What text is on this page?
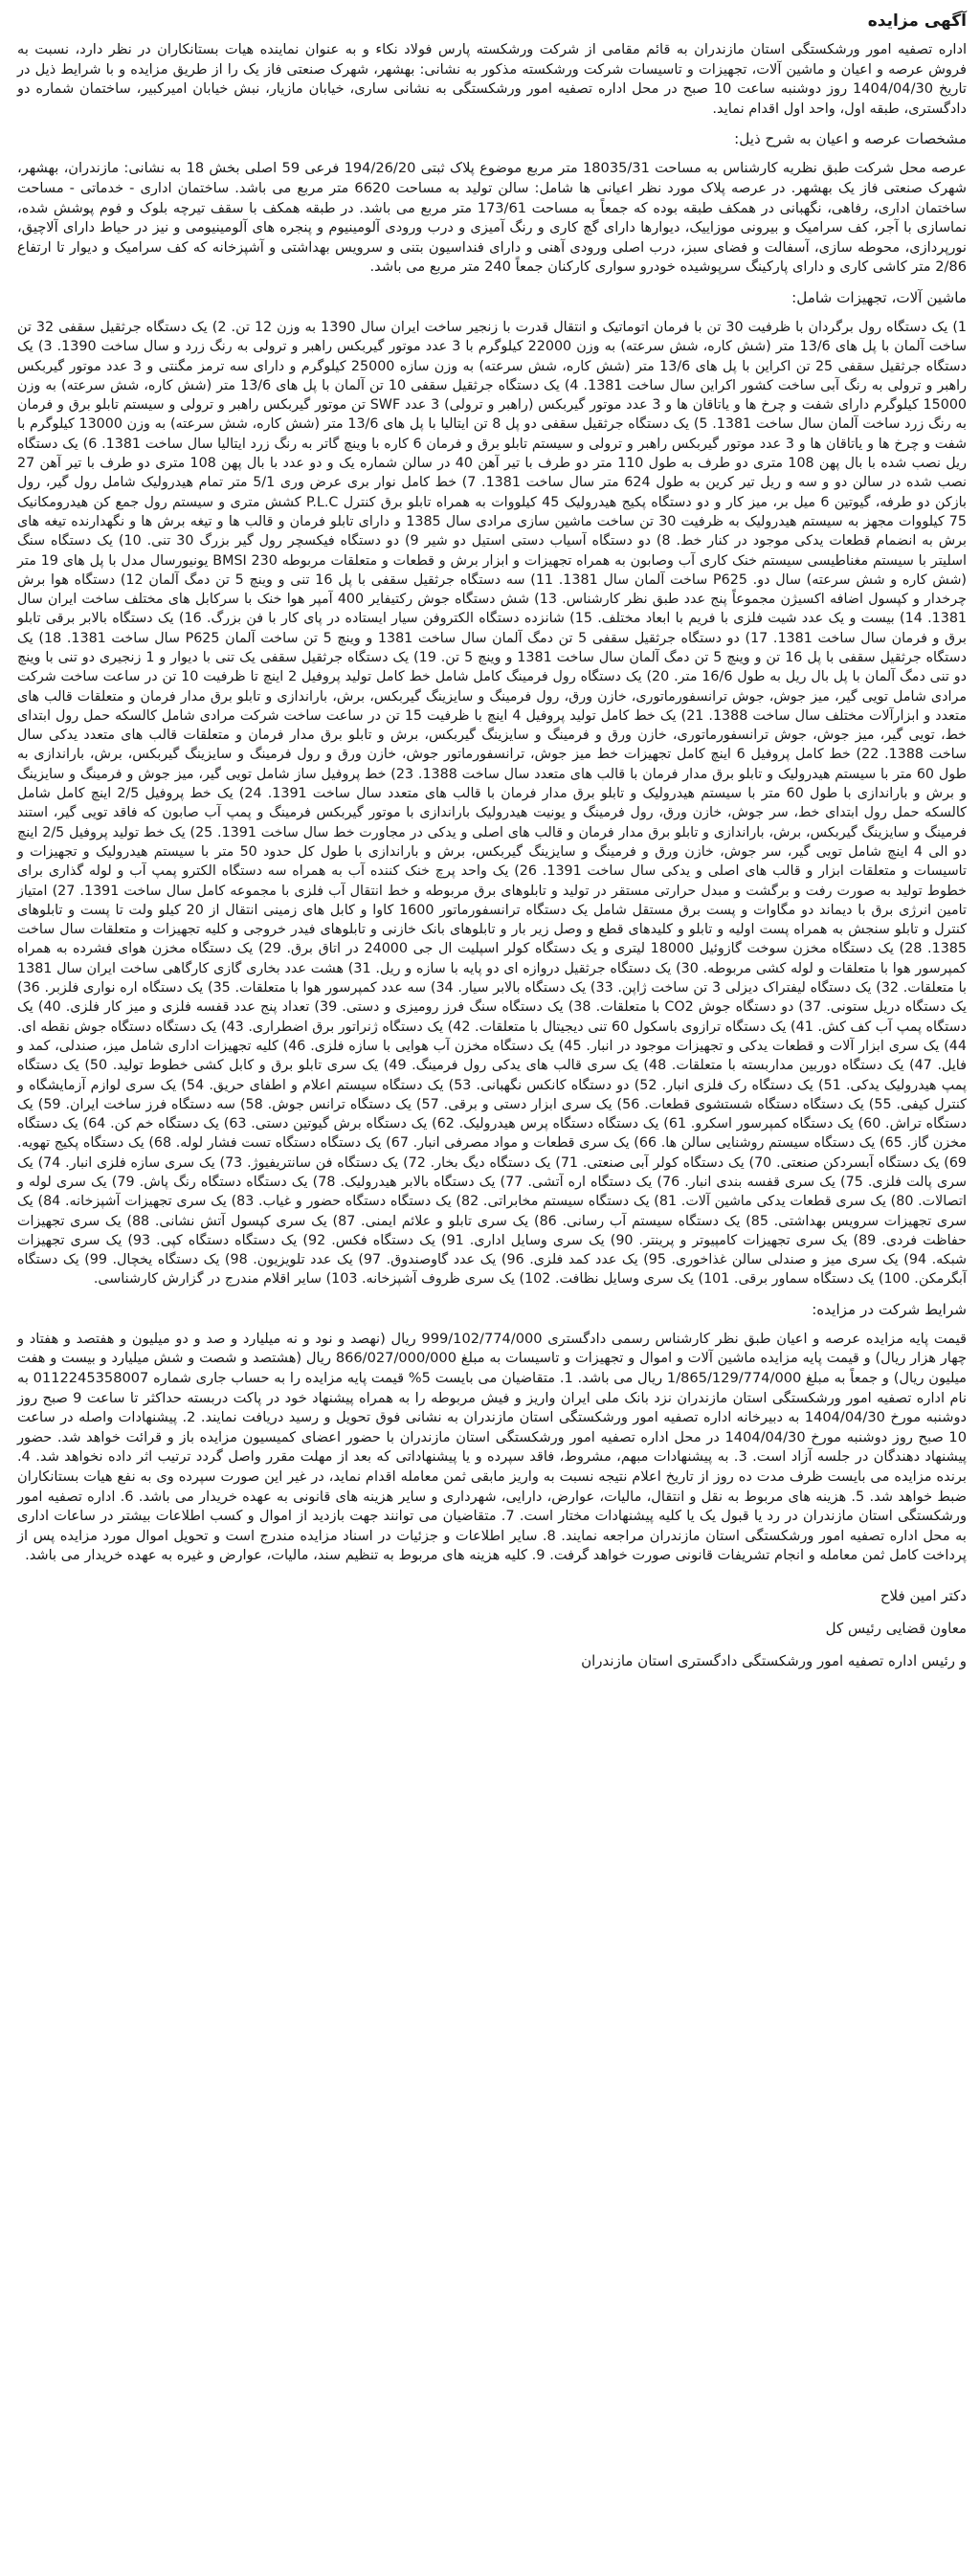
آگهی مزایده

اداره تصفیه امور ورشکستگی استان مازندران به قائم مقامی از شرکت ورشکسته پارس فولاد نکاء و به عنوان نماینده هیات بستانکاران در نظر دارد، نسبت به فروش عرصه و اعیان و ماشین آلات، تجهیزات و تاسیسات شرکت ورشکسته مذکور به نشانی: بهشهر، شهرک صنعتی فاز یک را از طریق مزایده و با شرایط ذیل در تاریخ 1404/04/30 روز دوشنبه ساعت 10 صبح در محل اداره تصفیه امور ورشکستگی به نشانی ساری، خیابان مازیار، نبش خیابان امیرکبیر، ساختمان شماره دو دادگستری، طبقه اول، واحد اول اقدام نماید.

مشخصات عرصه و اعیان به شرح ذیل:

عرصه محل شرکت طبق نظریه کارشناس به مساحت 18035/31 متر مربع موضوع پلاک ثبتی 194/26/20 فرعی 59 اصلی بخش 18 به نشانی: مازندران، بهشهر، شهرک صنعتی فاز یک بهشهر. در عرصه پلاک مورد نظر اعیانی ها شامل: سالن تولید به مساحت 6620 متر مربع می باشد. ساختمان اداری - خدماتی - مساحت ساختمان اداری، رفاهی، نگهبانی در همکف طبقه بوده که جمعاً به مساحت 173/61 متر مربع می باشد. در طبقه همکف با سقف تیرچه بلوک و فوم پوشش شده، نماسازی با آجر، کف سرامیک و بیرونی موزاییک، دیوارها دارای گچ کاری و رنگ آمیزی و درب ورودی آلومینیوم و پنجره های آلومینیومی و نیز در حیاط دارای آلاچیق، نورپردازی، محوطه سازی، آسفالت و فضای سبز، درب اصلی ورودی آهنی و دارای فنداسیون بتنی و سرویس بهداشتی و آشپزخانه که کف سرامیک و دیوار تا ارتفاع 2/86 متر کاشی کاری و دارای پارکینگ سرپوشیده خودرو سواری کارکنان جمعاً 240 متر مربع می باشد.

ماشین آلات، تجهیزات شامل:

1) یک دستگاه رول برگردان با ظرفیت 30 تن با فرمان اتوماتیک و انتقال قدرت با زنجیر ساخت ایران سال 1390 به وزن 12 تن. 2) یک دستگاه جرثقیل سقفی 32 تن ساخت آلمان با پل های 13/6 متر (شش کاره، شش سرعته) به وزن 22000 کیلوگرم با 3 عدد موتور گیربکس راهبر و ترولی به رنگ زرد و سال ساخت 1390. 3) یک دستگاه جرثقیل سقفی 25 تن اکراین با پل های 13/6 متر (شش کاره، شش سرعته) به وزن سازه 25000 کیلوگرم و دارای سه ترمز مگنتی و 3 عدد موتور گیربکس راهبر و ترولی به رنگ آبی ساخت کشور اکراین سال ساخت 1381. 4) یک دستگاه جرثقیل سقفی 10 تن آلمان با پل های 13/6 متر (شش کاره، شش سرعته) به وزن 15000 کیلوگرم دارای شفت و چرخ ها و یاتاقان ها و 3 عدد موتور گیربکس (راهبر و ترولی) 3 عدد SWF تن موتور گیربکس راهبر و ترولی و سیستم تابلو برق و فرمان به رنگ زرد ساخت آلمان سال ساخت 1381. 5) یک دستگاه جرثقیل سقفی دو پل 8 تن ایتالیا با پل های 13/6 متر (شش کاره، شش سرعته) به وزن 13000 کیلوگرم با شفت و چرخ ها و یاتاقان ها و 3 عدد موتور گیربکس راهبر و ترولی و سیستم تابلو برق و فرمان 6 کاره با وینچ گاتر به رنگ زرد ایتالیا سال ساخت 1381. 6) یک دستگاه ریل نصب شده با بال پهن 108 متری دو طرف به طول 110 متر دو طرف با تیر آهن 40 در سالن شماره یک و دو عدد با بال پهن 108 متری دو طرف با تیر آهن 27 نصب شده در سالن دو و سه و ریل تیر کرین به طول 624 متر سال ساخت 1381. 7) خط کامل نوار بری عرض وری 5/1 متر تمام هیدرولیک شامل رول گیر، رول بازکن دو طرفه، گیوتین 6 میل بر، میز کار و دو دستگاه پکیج هیدرولیک 45 کیلووات به همراه تابلو برق کنترل P.L.C کشش متری و سیستم رول جمع کن هیدرومکانیک 75 کیلووات مجهز به سیستم هیدرولیک به ظرفیت 30 تن ساخت ماشین سازی مرادی سال 1385 و دارای تابلو فرمان و قالب ها و تیغه برش ها و نگهدارنده تیغه های برش به انضمام قطعات یدکی موجود در کنار خط. 8) دو دستگاه آسیاب دستی استیل دو شیر 9) دو دستگاه فیکسچر رول گیر بزرگ 30 تنی. 10) یک دستگاه سنگ اسلیتر با سیستم مغناطیسی سیستم خنک کاری آب وصابون به همراه تجهیزات و ابزار برش و قطعات و متعلقات مربوطه BMSI 230 یونیورسال مدل با پل های 19 متر (شش کاره و شش سرعته) سال دو. P625 ساخت آلمان سال 1381. 11) سه دستگاه جرثقیل سقفی با پل 16 تنی و وینچ 5 تن دمگ آلمان 12) دستگاه هوا برش چرخدار و کپسول اضافه اکسیژن مجموعاً پنج عدد طبق نظر کارشناس. 13) شش دستگاه جوش رکتیفایر 400 آمپر هوا خنک با سرکابل های مختلف ساخت ایران سال 1381. 14) بیست و یک عدد شیت فلزی با فریم با ابعاد مختلف. 15) شانزده دستگاه الکتروفن سیار ایستاده در پای کار با فن بزرگ. 16) یک دستگاه بالابر برقی تابلو برق و فرمان سال ساخت 1381. 17) دو دستگاه جرثقیل سقفی 5 تن دمگ آلمان سال ساخت 1381 و وینچ 5 تن ساخت آلمان P625 سال ساخت 1381. 18) یک دستگاه جرثقیل سقفی با پل 16 تن و وینچ 5 تن دمگ آلمان سال ساخت 1381 و وینچ 5 تن. 19) یک دستگاه جرثقیل سقفی یک تنی با دیوار و 1 زنجیری دو تنی با وینچ دو تنی دمگ آلمان با پل بال ریل به طول 16/6 متر. 20) یک دستگاه رول فرمینگ کامل شامل خط کامل تولید پروفیل 2 اینچ تا ظرفیت 10 تن در ساعت ساخت شرکت مرادی شامل تویی گیر، میز جوش، جوش ترانسفورماتوری، خازن ورق، رول فرمینگ و سایزینگ گیربکس، برش، باراندازی و تابلو برق مدار فرمان و متعلقات قالب های متعدد و ابزارآلات مختلف سال ساخت 1388. 21) یک خط کامل تولید پروفیل 4 اینچ با ظرفیت 15 تن در ساعت ساخت شرکت مرادی شامل کالسکه حمل رول ابتدای خط، تویی گیر، میز جوش، جوش ترانسفورماتوری، خازن ورق و فرمینگ و سایزینگ گیربکس، برش و تابلو برق مدار فرمان و متعلقات قالب های متعدد یدکی سال ساخت 1388. 22) خط کامل پروفیل 6 اینچ کامل تجهیزات خط میز جوش، ترانسفورماتور جوش، خازن ورق و رول فرمینگ و سایزینگ گیربکس، برش، باراندازی به طول 60 متر با سیستم هیدرولیک و تابلو برق مدار فرمان با قالب های متعدد سال ساخت 1388. 23) خط پروفیل ساز شامل تویی گیر، میز جوش و فرمینگ و سایزینگ و برش و باراندازی با طول 60 متر با سیستم هیدرولیک و تابلو برق مدار فرمان با قالب های متعدد سال ساخت 1391. 24) یک خط پروفیل 2/5 اینچ کامل شامل کالسکه حمل رول ابتدای خط، سر جوش، خازن ورق، رول فرمینگ و یونیت هیدرولیک باراندازی با موتور گیربکس فرمینگ و پمپ آب صابون که فاقد تویی گیر، استند فرمینگ و سایزینگ گیربکس، برش، باراندازی و تابلو برق مدار فرمان و قالب های اصلی و یدکی در مجاورت خط سال ساخت 1391. 25) یک خط تولید پروفیل 2/5 اینچ دو الی 4 اینچ شامل تویی گیر، سر جوش، خازن ورق و فرمینگ و سایزینگ گیربکس، برش و باراندازی با طول کل حدود 50 متر با سیستم هیدرولیک و تجهیزات و تاسیسات و متعلقات ابزار و قالب های اصلی و یدکی سال ساخت 1391. 26) یک واحد پرچ خنک کننده آب به همراه سه دستگاه الکترو پمپ آب و لوله گذاری برای خطوط تولید به صورت رفت و برگشت و مبدل حرارتی مستقر در تولید و تابلوهای برق مربوطه و خط انتقال آب فلزی با مجموعه کامل سال ساخت 1391. 27) امتیاز تامین انرژی برق با دیماند دو مگاوات و پست برق مستقل شامل یک دستگاه ترانسفورماتور 1600 کاوا و کابل های زمینی انتقال از 20 کیلو ولت تا پست و تابلوهای کنترل و تابلو سنجش به همراه پست اولیه و تابلو و کلیدهای قطع و وصل زیر بار و تابلوهای بانک خازنی و تابلوهای فیدر خروجی و کلیه تجهیزات و متعلقات سال ساخت 1385. 28) یک دستگاه مخزن سوخت گازوئیل 18000 لیتری و یک دستگاه کولر اسپلیت ال جی 24000 در اتاق برق. 29) یک دستگاه مخزن هوای فشرده به همراه کمپرسور هوا با متعلقات و لوله کشی مربوطه. 30) یک دستگاه جرثقیل دروازه ای دو پایه با سازه و ریل. 31) هشت عدد بخاری گازی کارگاهی ساخت ایران سال 1381 با متعلقات. 32) یک دستگاه لیفتراک دیزلی 3 تن ساخت ژاپن. 33) یک دستگاه بالابر سیار. 34) سه عدد کمپرسور هوا با متعلقات. 35) یک دستگاه اره نواری فلزبر. 36) یک دستگاه دریل ستونی. 37) دو دستگاه جوش CO2 با متعلقات. 38) یک دستگاه سنگ فرز رومیزی و دستی. 39) تعداد پنج عدد قفسه فلزی و میز کار فلزی. 40) یک دستگاه پمپ آب کف کش. 41) یک دستگاه ترازوی باسکول 60 تنی دیجیتال با متعلقات. 42) یک دستگاه ژنراتور برق اضطراری. 43) یک دستگاه دستگاه جوش نقطه ای. 44) یک سری ابزار آلات و قطعات یدکی و تجهیزات موجود در انبار. 45) یک دستگاه مخزن آب هوایی با سازه فلزی. 46) کلیه تجهیزات اداری شامل میز، صندلی، کمد و فایل. 47) یک دستگاه دوربین مداربسته با متعلقات. 48) یک سری قالب های یدکی رول فرمینگ. 49) یک سری تابلو برق و کابل کشی خطوط تولید. 50) یک دستگاه پمپ هیدرولیک یدکی. 51) یک دستگاه رک فلزی انبار. 52) دو دستگاه کانکس نگهبانی. 53) یک دستگاه سیستم اعلام و اطفای حریق. 54) یک سری لوازم آزمایشگاه و کنترل کیفی. 55) یک دستگاه دستگاه شستشوی قطعات. 56) یک سری ابزار دستی و برقی. 57) یک دستگاه ترانس جوش. 58) سه دستگاه فرز ساخت ایران. 59) یک دستگاه تراش. 60) یک دستگاه کمپرسور اسکرو. 61) یک دستگاه دستگاه پرس هیدرولیک. 62) یک دستگاه برش گیوتین دستی. 63) یک دستگاه خم کن. 64) یک دستگاه مخزن گاز. 65) یک دستگاه سیستم روشنایی سالن ها. 66) یک سری قطعات و مواد مصرفی انبار. 67) یک دستگاه دستگاه تست فشار لوله. 68) یک دستگاه پکیج تهویه. 69) یک دستگاه آبسردکن صنعتی. 70) یک دستگاه کولر آبی صنعتی. 71) یک دستگاه دیگ بخار. 72) یک دستگاه فن سانتریفیوژ. 73) یک سری سازه فلزی انبار. 74) یک سری پالت فلزی. 75) یک سری قفسه بندی انبار. 76) یک دستگاه اره آتشی. 77) یک دستگاه بالابر هیدرولیک. 78) یک دستگاه دستگاه رنگ پاش. 79) یک سری لوله و اتصالات. 80) یک سری قطعات یدکی ماشین آلات. 81) یک دستگاه سیستم مخابراتی. 82) یک دستگاه دستگاه حضور و غیاب. 83) یک سری تجهیزات آشپزخانه. 84) یک سری تجهیزات سرویس بهداشتی. 85) یک دستگاه سیستم آب رسانی. 86) یک سری تابلو و علائم ایمنی. 87) یک سری کپسول آتش نشانی. 88) یک سری تجهیزات حفاظت فردی. 89) یک سری تجهیزات کامپیوتر و پرینتر. 90) یک سری وسایل اداری. 91) یک دستگاه فکس. 92) یک دستگاه دستگاه کپی. 93) یک سری تجهیزات شبکه. 94) یک سری میز و صندلی سالن غذاخوری. 95) یک عدد کمد فلزی. 96) یک عدد گاوصندوق. 97) یک عدد تلویزیون. 98) یک دستگاه یخچال. 99) یک دستگاه آبگرمکن. 100) یک دستگاه سماور برقی. 101) یک سری وسایل نظافت. 102) یک سری ظروف آشپزخانه. 103) سایر اقلام مندرج در گزارش کارشناسی.

شرایط شرکت در مزایده:

قیمت پایه مزایده عرصه و اعیان طبق نظر کارشناس رسمی دادگستری 999/102/774/000 ریال (نهصد و نود و نه میلیارد و صد و دو میلیون و هفتصد و هفتاد و چهار هزار ریال) و قیمت پایه مزایده ماشین آلات و اموال و تجهیزات و تاسیسات به مبلغ 866/027/000/000 ریال (هشتصد و شصت و شش میلیارد و بیست و هفت میلیون ریال) و جمعاً به مبلغ 1/865/129/774/000 ریال می باشد. 1. متقاضیان می بایست 5% قیمت پایه مزایده را به حساب جاری شماره 0112245358007 به نام اداره تصفیه امور ورشکستگی استان مازندران نزد بانک ملی ایران واریز و فیش مربوطه را به همراه پیشنهاد خود در پاکت دربسته حداکثر تا ساعت 9 صبح روز دوشنبه مورخ 1404/04/30 به دبیرخانه اداره تصفیه امور ورشکستگی استان مازندران به نشانی فوق تحویل و رسید دریافت نمایند. 2. پیشنهادات واصله در ساعت 10 صبح روز دوشنبه مورخ 1404/04/30 در محل اداره تصفیه امور ورشکستگی استان مازندران با حضور اعضای کمیسیون مزایده باز و قرائت خواهد شد. حضور پیشنهاد دهندگان در جلسه آزاد است. 3. به پیشنهادات مبهم، مشروط، فاقد سپرده و یا پیشنهاداتی که بعد از مهلت مقرر واصل گردد ترتیب اثر داده نخواهد شد. 4. برنده مزایده می بایست ظرف مدت ده روز از تاریخ اعلام نتیجه نسبت به واریز مابقی ثمن معامله اقدام نماید، در غیر این صورت سپرده وی به نفع هیات بستانکاران ضبط خواهد شد. 5. هزینه های مربوط به نقل و انتقال، مالیات، عوارض، دارایی، شهرداری و سایر هزینه های قانونی به عهده خریدار می باشد. 6. اداره تصفیه امور ورشکستگی استان مازندران در رد یا قبول یک یا کلیه پیشنهادات مختار است. 7. متقاضیان می توانند جهت بازدید از اموال و کسب اطلاعات بیشتر در ساعات اداری به محل اداره تصفیه امور ورشکستگی استان مازندران مراجعه نمایند. 8. سایر اطلاعات و جزئیات در اسناد مزایده مندرج است و تحویل اموال مورد مزایده پس از پرداخت کامل ثمن معامله و انجام تشریفات قانونی صورت خواهد گرفت. 9. کلیه هزینه های مربوط به تنظیم سند، مالیات، عوارض و غیره به عهده خریدار می باشد.

دکتر امین فلاح
معاون قضایی رئیس کل
و رئیس اداره تصفیه امور ورشکستگی دادگستری استان مازندران
